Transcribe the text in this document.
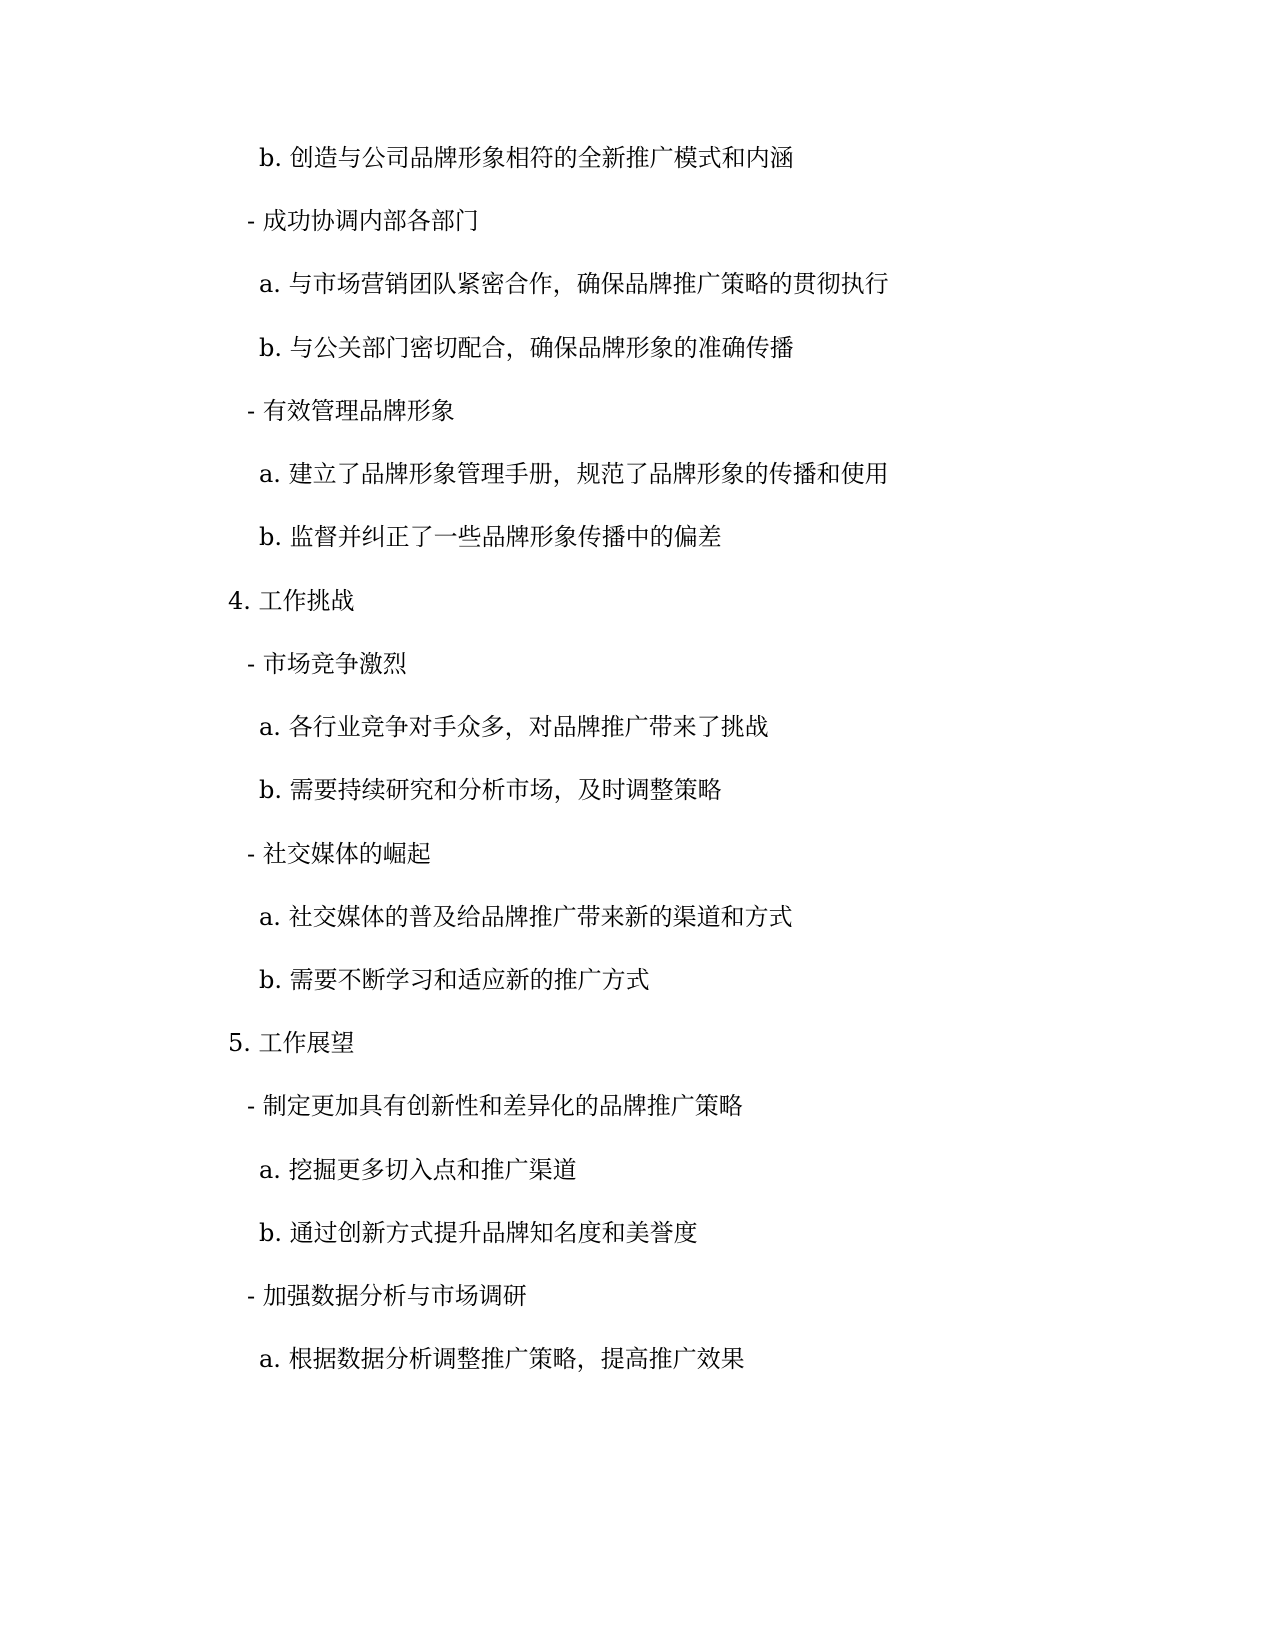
b. 创造与公司品牌形象相符的全新推广模式和内涵
- 成功协调内部各部门
a. 与市场营销团队紧密合作，确保品牌推广策略的贯彻执行
b. 与公关部门密切配合，确保品牌形象的准确传播
- 有效管理品牌形象
a. 建立了品牌形象管理手册，规范了品牌形象的传播和使用
b. 监督并纠正了一些品牌形象传播中的偏差
4. 工作挑战
- 市场竞争激烈
a. 各行业竞争对手众多，对品牌推广带来了挑战
b. 需要持续研究和分析市场，及时调整策略
- 社交媒体的崛起
a. 社交媒体的普及给品牌推广带来新的渠道和方式
b. 需要不断学习和适应新的推广方式
5. 工作展望
- 制定更加具有创新性和差异化的品牌推广策略
a. 挖掘更多切入点和推广渠道
b. 通过创新方式提升品牌知名度和美誉度
- 加强数据分析与市场调研
a. 根据数据分析调整推广策略，提高推广效果
